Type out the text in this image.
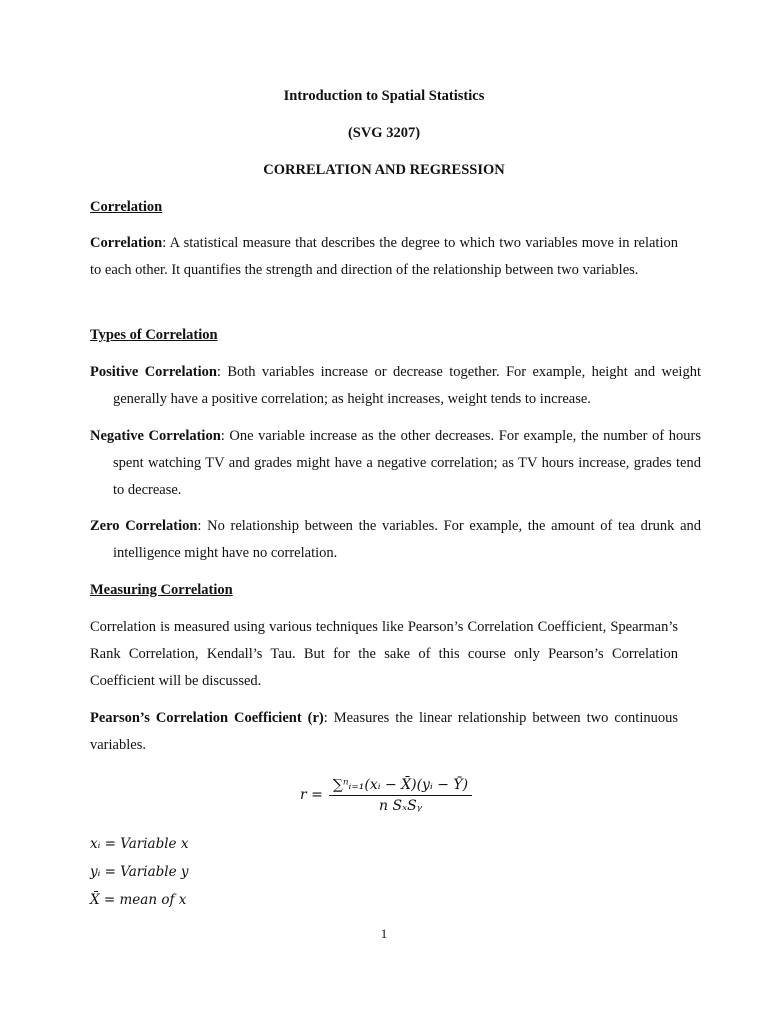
Introduction to Spatial Statistics
(SVG 3207)
CORRELATION AND REGRESSION
Correlation
Correlation: A statistical measure that describes the degree to which two variables move in relation to each other. It quantifies the strength and direction of the relationship between two variables.
Types of Correlation
Positive Correlation: Both variables increase or decrease together. For example, height and weight generally have a positive correlation; as height increases, weight tends to increase.
Negative Correlation: One variable increase as the other decreases. For example, the number of hours spent watching TV and grades might have a negative correlation; as TV hours increase, grades tend to decrease.
Zero Correlation: No relationship between the variables. For example, the amount of tea drunk and intelligence might have no correlation.
Measuring Correlation
Correlation is measured using various techniques like Pearson’s Correlation Coefficient, Spearman’s Rank Correlation, Kendall’s Tau. But for the sake of this course only Pearson’s Correlation Coefficient will be discussed.
Pearson’s Correlation Coefficient (r): Measures the linear relationship between two continuous variables.
$r = \frac{\text{∑ⁿᵢ₌₁(xᵢ − X̄)(yᵢ − Ȳ)}}{\text{n SₓSᵧ}}$
xᵢ = Variable x
yᵢ = Variable y
X̄ = mean of x
1
